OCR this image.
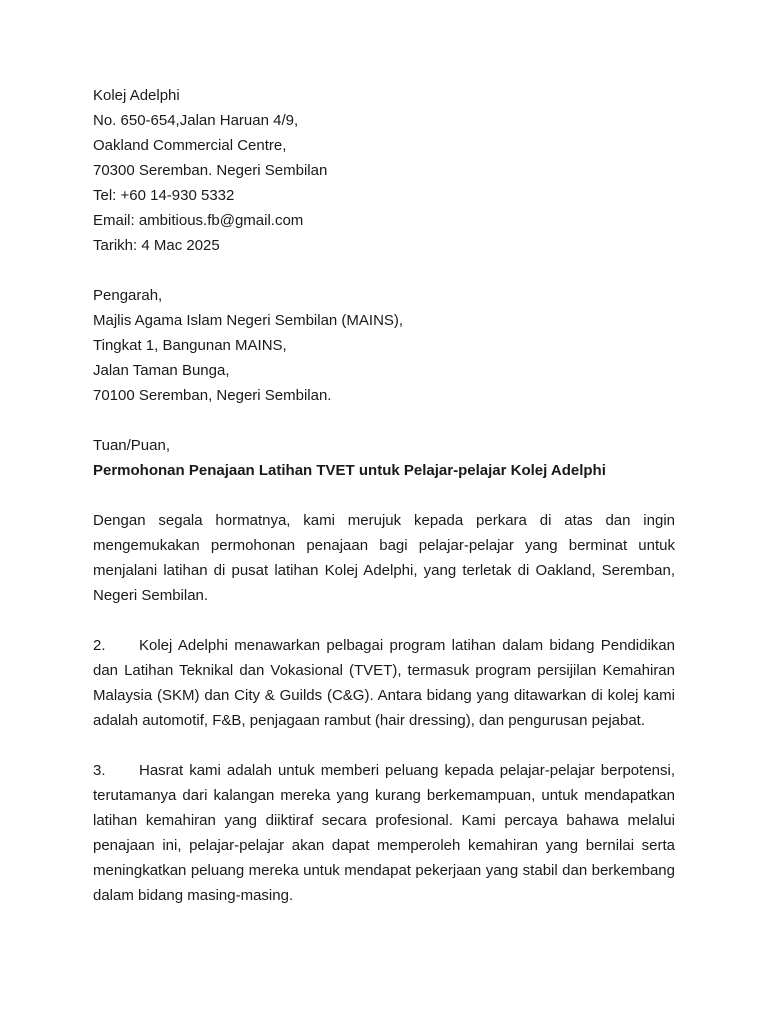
Kolej Adelphi
No. 650-654,Jalan Haruan 4/9,
Oakland Commercial Centre,
70300 Seremban. Negeri Sembilan
Tel: +60 14-930 5332
Email: ambitious.fb@gmail.com
Tarikh: 4 Mac 2025
Pengarah,
Majlis Agama Islam Negeri Sembilan (MAINS),
Tingkat 1, Bangunan MAINS,
Jalan Taman Bunga,
70100 Seremban, Negeri Sembilan.
Tuan/Puan,
Permohonan Penajaan Latihan TVET untuk Pelajar-pelajar Kolej Adelphi

Dengan segala hormatnya, kami merujuk kepada perkara di atas dan ingin mengemukakan permohonan penajaan bagi pelajar-pelajar yang berminat untuk menjalani latihan di pusat latihan Kolej Adelphi, yang terletak di Oakland, Seremban, Negeri Sembilan.

2. Kolej Adelphi menawarkan pelbagai program latihan dalam bidang Pendidikan dan Latihan Teknikal dan Vokasional (TVET), termasuk program persijilan Kemahiran Malaysia (SKM) dan City & Guilds (C&G). Antara bidang yang ditawarkan di kolej kami adalah automotif, F&B, penjagaan rambut (hair dressing), dan pengurusan pejabat.

3. Hasrat kami adalah untuk memberi peluang kepada pelajar-pelajar berpotensi, terutamanya dari kalangan mereka yang kurang berkemampuan, untuk mendapatkan latihan kemahiran yang diiktiraf secara profesional. Kami percaya bahawa melalui penajaan ini, pelajar-pelajar akan dapat memperoleh kemahiran yang bernilai serta meningkatkan peluang mereka untuk mendapat pekerjaan yang stabil dan berkembang dalam bidang masing-masing.
